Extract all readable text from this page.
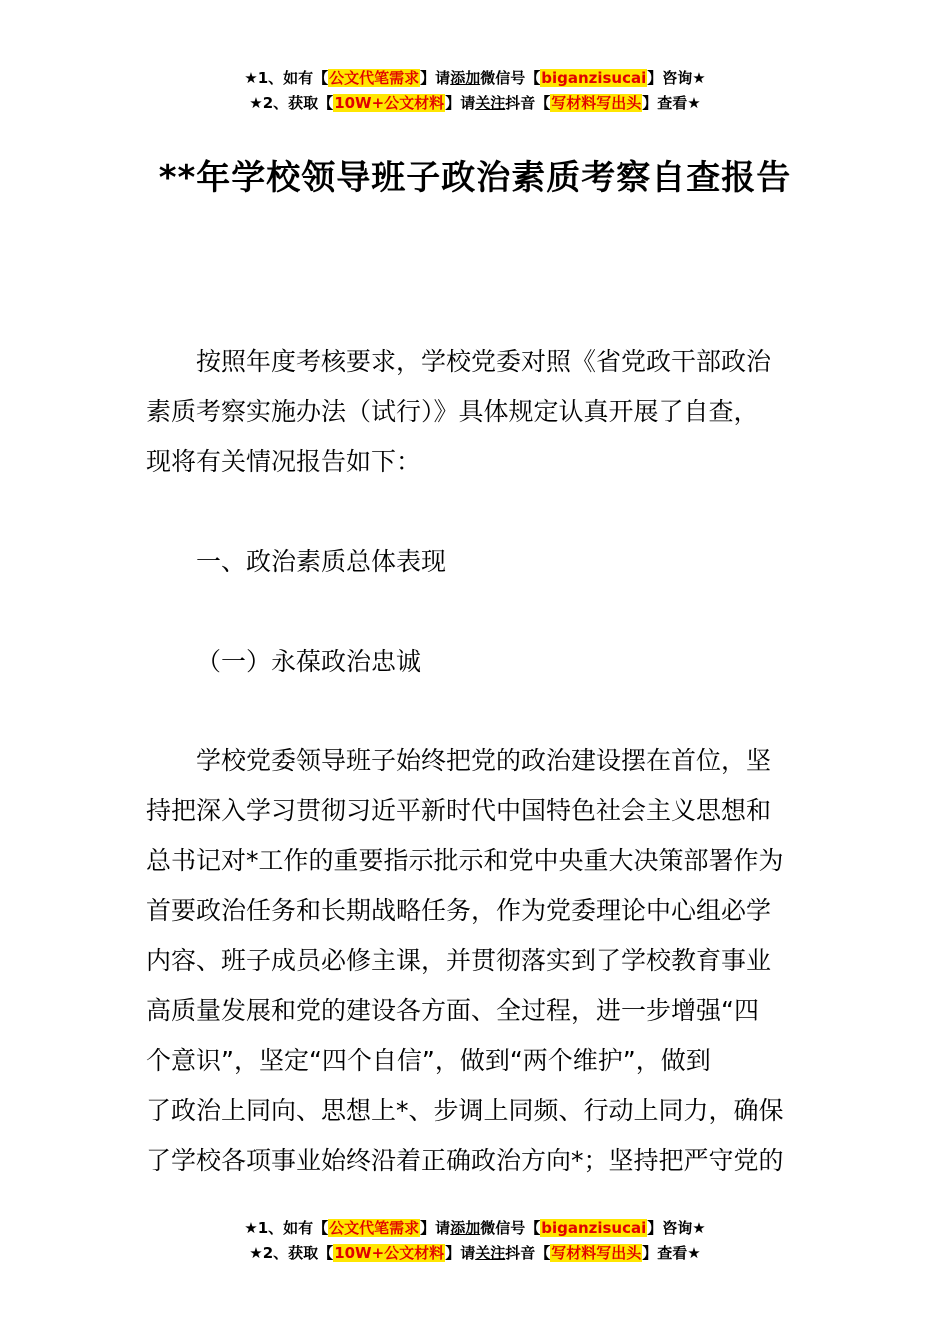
★1、如有【公文代笔需求】请添加微信号【biganzisucai】咨询★
★2、获取【10W+公文材料】请关注抖音【写材料写出头】查看★
**年学校领导班子政治素质考察自查报告
按照年度考核要求，学校党委对照《省党政干部政治
素质考察实施办法（试行）》具体规定认真开展了自查，
现将有关情况报告如下：
一、政治素质总体表现
（一）永葆政治忠诚
学校党委领导班子始终把党的政治建设摆在首位，坚
持把深入学习贯彻习近平新时代中国特色社会主义思想和
总书记对*工作的重要指示批示和党中央重大决策部署作为
首要政治任务和长期战略任务，作为党委理论中心组必学
内容、班子成员必修主课，并贯彻落实到了学校教育事业
高质量发展和党的建设各方面、全过程，进一步增强“四
个意识”，坚定“四个自信”，做到“两个维护”，做到
了政治上同向、思想上*、步调上同频、行动上同力，确保
了学校各项事业始终沿着正确政治方向*；坚持把严守党的
★1、如有【公文代笔需求】请添加微信号【biganzisucai】咨询★
★2、获取【10W+公文材料】请关注抖音【写材料写出头】查看★
